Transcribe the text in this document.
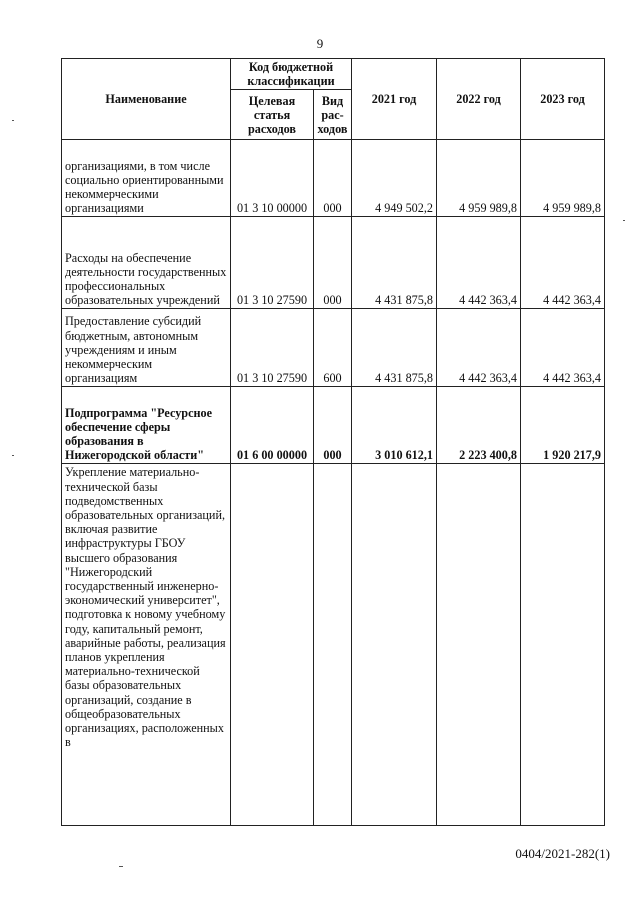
9
Наименование	Код бюджетной классификации		2021 год	2022 год	2023 год
	Целевая статья расходов	Вид рас-ходов			
организациями, в том числе социально ориентированными некоммерческими организациями	01 3 10 00000	000	4 949 502,2	4 959 989,8	4 959 989,8
Расходы на обеспечение деятельности государственных профессиональных образовательных учреждений	01 3 10 27590	000	4 431 875,8	4 442 363,4	4 442 363,4
Предоставление субсидий бюджетным, автономным учреждениям и иным некоммерческим организациям	01 3 10 27590	600	4 431 875,8	4 442 363,4	4 442 363,4
Подпрограмма "Ресурсное обеспечение сферы образования в Нижегородской области"	01 6 00 00000	000	3 010 612,1	2 223 400,8	1 920 217,9
Укрепление материально-технической базы подведомственных образовательных организаций, включая развитие инфраструктуры ГБОУ высшего образования "Нижегородский государственный инженерно-экономический университет", подготовка к новому учебному году, капитальный ремонт, аварийные работы, реализация планов укрепления материально-технической базы образовательных организаций, создание в общеобразовательных организациях, расположенных в					
0404/2021-282(1)
